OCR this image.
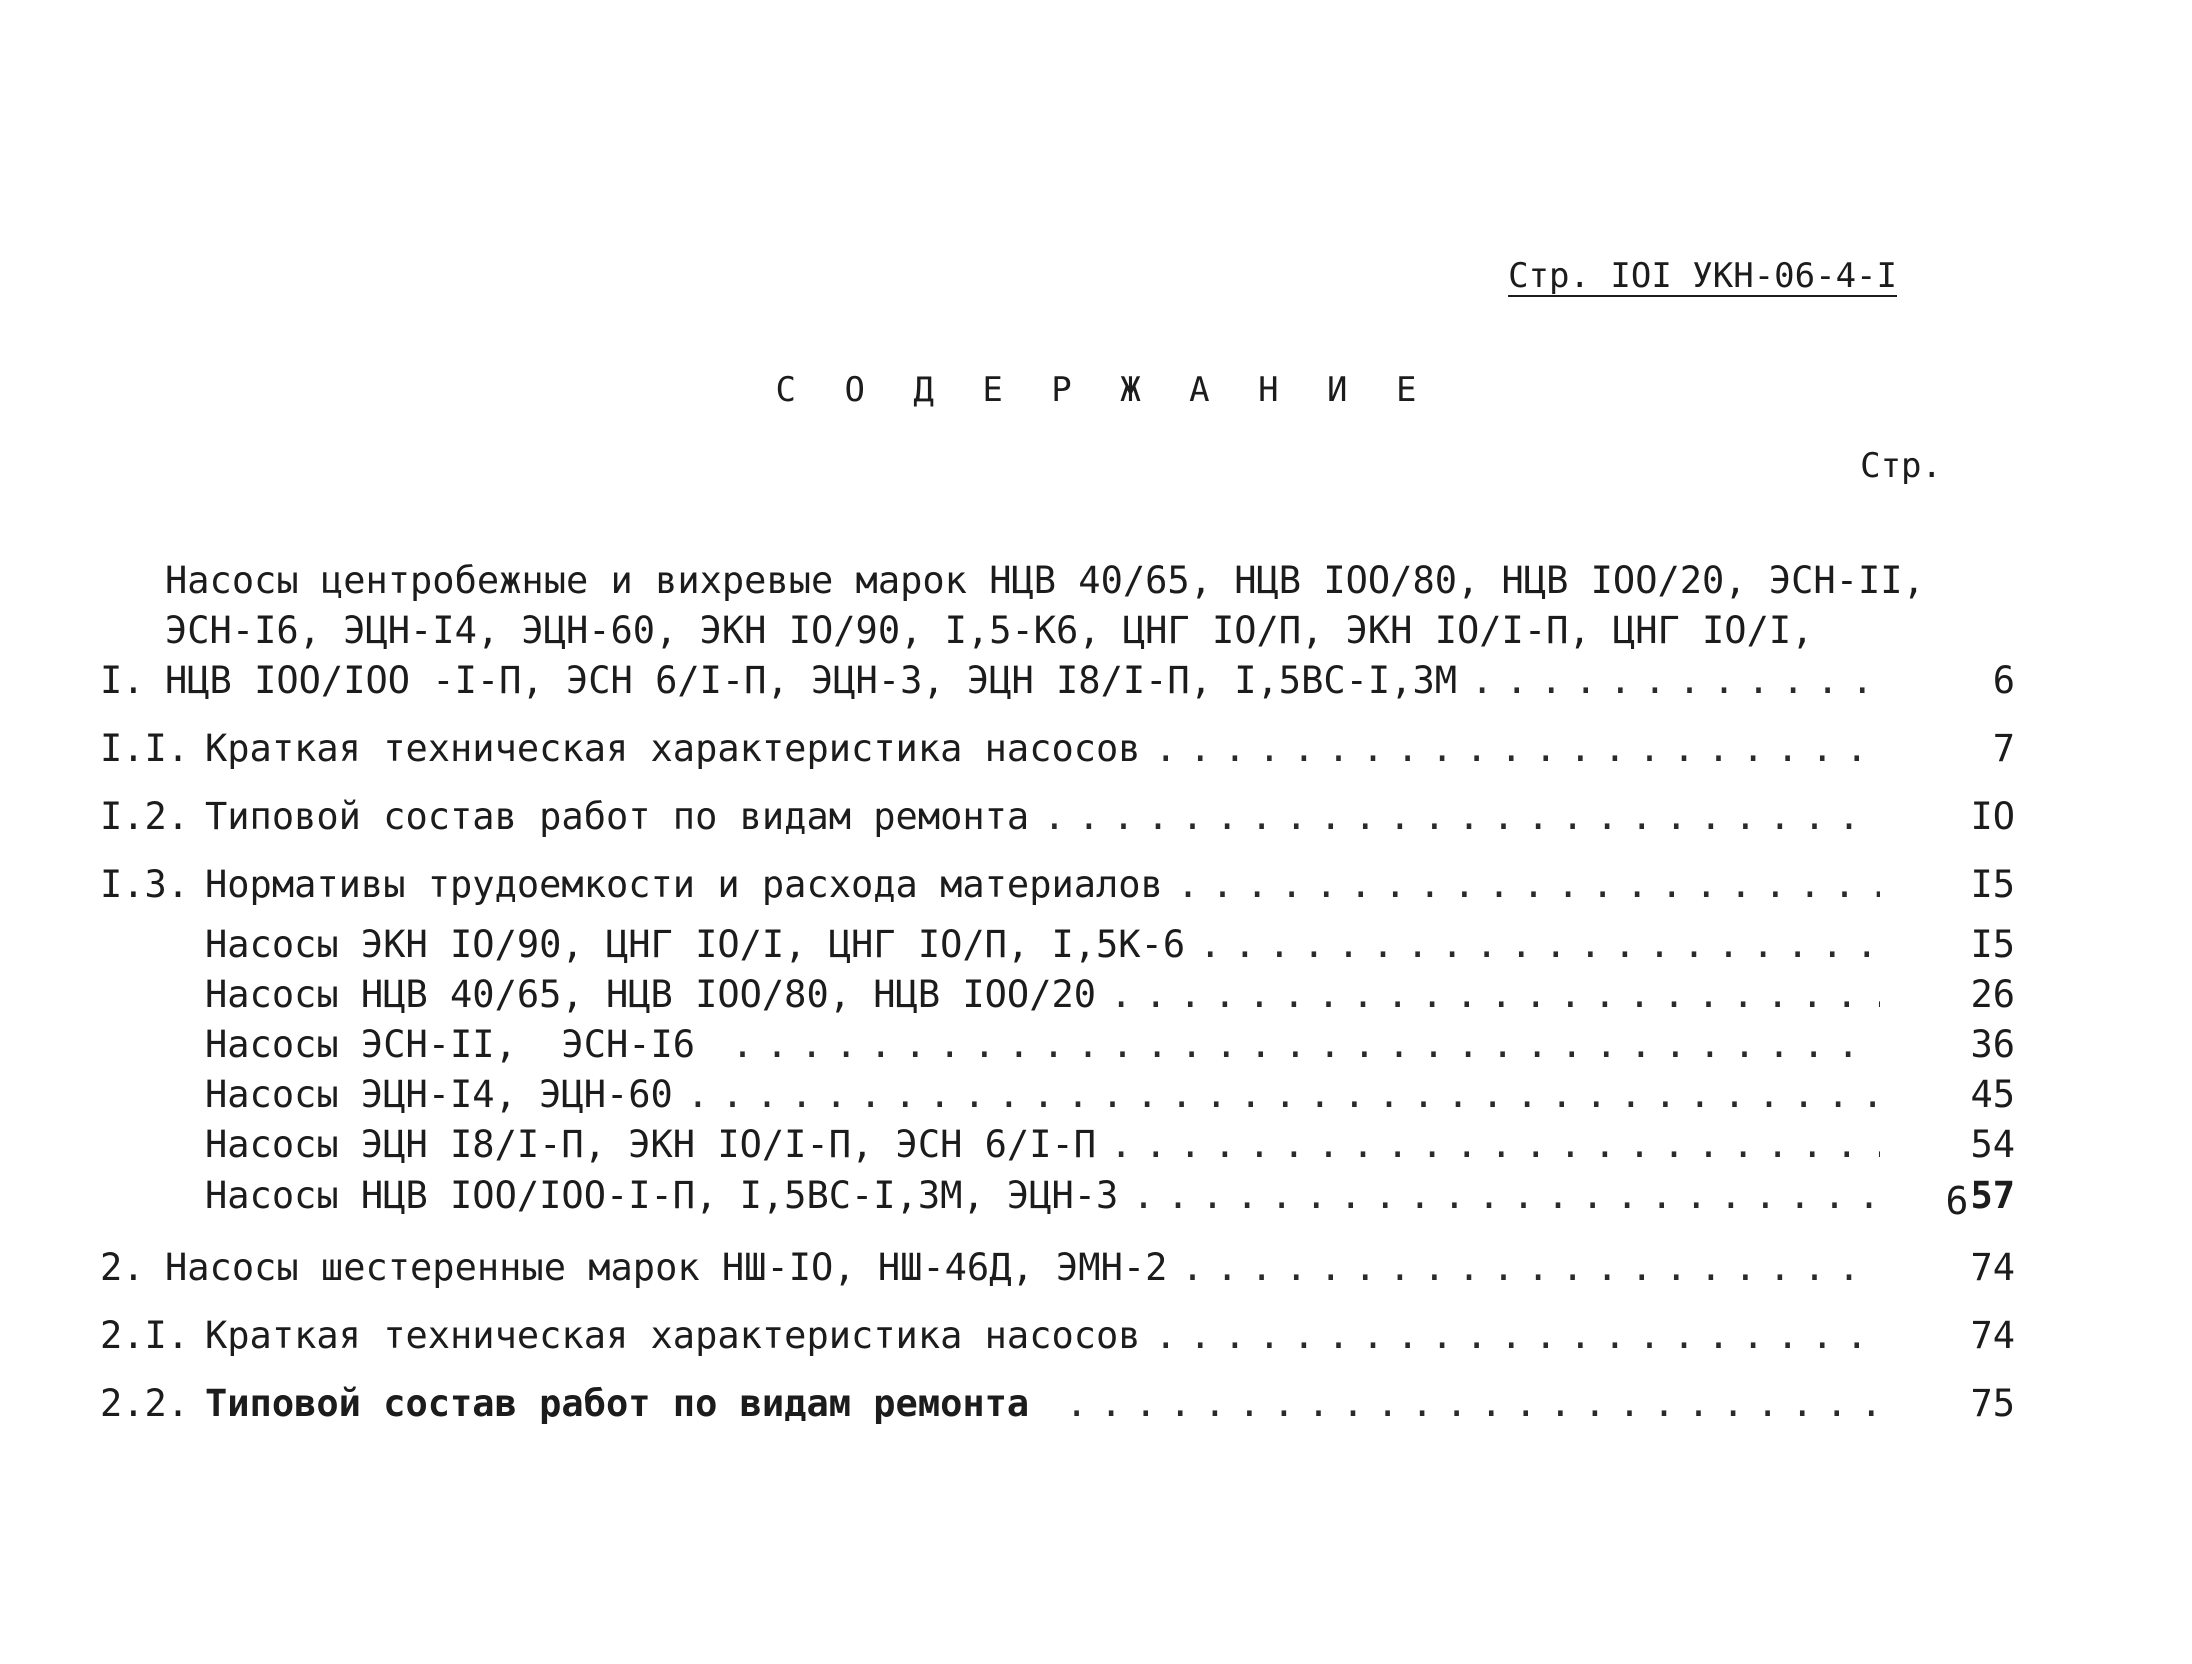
Стр. IOI УКН-06-4-I
С О Д Е Р Ж А Н И Е
Стр.
I.
Насосы центробежные и вихревые марок НЦВ 40/65, НЦВ IOO/80, НЦВ IOO/20, ЭСН-II,
ЭСН-I6, ЭЦН-I4, ЭЦН-60, ЭКН IO/90, I,5-К6, ЦНГ IO/П, ЭКН IO/I-П, ЦНГ IO/I,
НЦВ IOO/IOO -I-П, ЭСН 6/I-П, ЭЦН-3, ЭЦН I8/I-П, I,5ВС-I,3М . . .	6
I.I. Краткая техническая характеристика насосов . . .	7
I.2. Типовой состав работ по видам ремонта . . .	IO
I.3. Нормативы трудоемкости и расхода материалов . . .	I5
Насосы ЭКН IO/90, ЦНГ IO/I, ЦНГ IO/П, I,5К-6 . . .	I5
Насосы НЦВ 40/65, НЦВ IOO/80, НЦВ IOO/20 . . .	26
Насосы ЭСН-II,  ЭСН-I6 . . .	36
Насосы ЭЦН-I4, ЭЦН-60 . . .	45
Насосы ЭЦН I8/I-П, ЭКН IO/I-П, ЭСН 6/I-П . . .	54
Насосы НЦВ IOO/IOO-I-П, I,5ВС-I,3М, ЭЦН-3 . . .	657
2. Насосы шестеренные марок НШ-IO, НШ-46Д, ЭМН-2 . . .	74
2.I. Краткая техническая характеристика насосов . . .	74
2.2. Типовой состав работ по видам ремонта . . .	75
